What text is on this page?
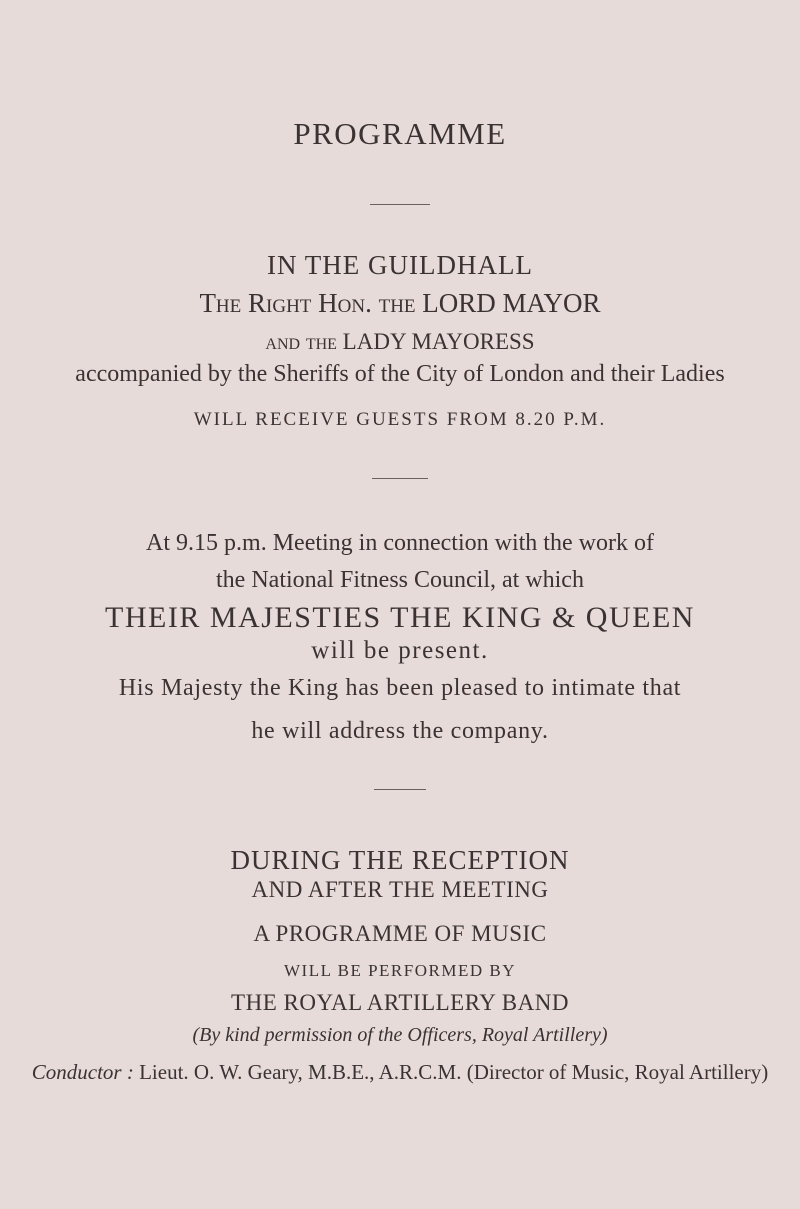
PROGRAMME
IN THE GUILDHALL
The Right Hon. the LORD MAYOR
and the LADY MAYORESS
accompanied by the Sheriffs of the City of London and their Ladies
WILL RECEIVE GUESTS FROM 8.20 P.M.
At 9.15 p.m. Meeting in connection with the work of
the National Fitness Council, at which
THEIR MAJESTIES THE KING & QUEEN
will be present.
His Majesty the King has been pleased to intimate that
he will address the company.
DURING THE RECEPTION
AND AFTER THE MEETING
A PROGRAMME OF MUSIC
WILL BE PERFORMED BY
THE ROYAL ARTILLERY BAND
(By kind permission of the Officers, Royal Artillery)
Conductor : Lieut. O. W. Geary, M.B.E., A.R.C.M. (Director of Music, Royal Artillery)
